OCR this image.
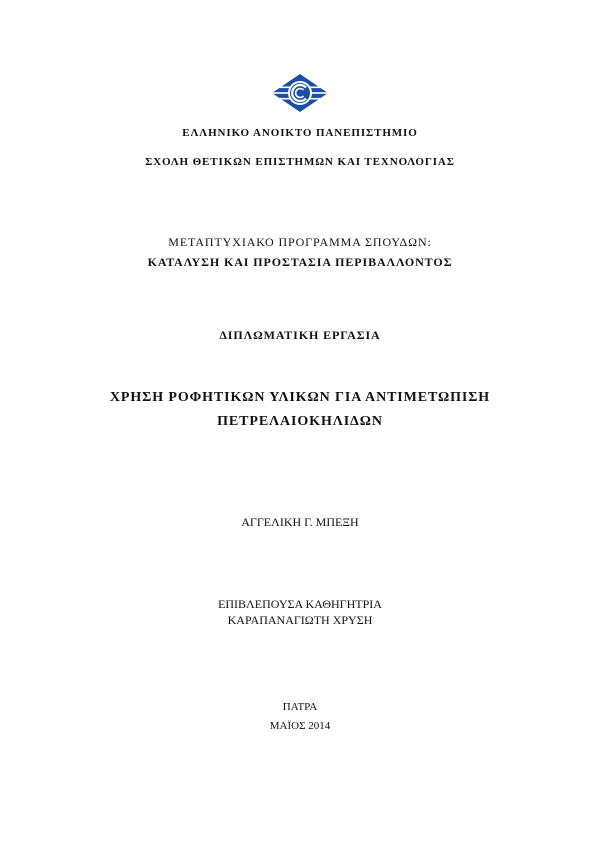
ΕΛΛΗΝΙΚΟ ΑΝΟΙΚΤΟ ΠΑΝΕΠΙΣΤΗΜΙΟ
ΣΧΟΛΗ ΘΕΤΙΚΩΝ ΕΠΙΣΤΗΜΩΝ ΚΑΙ ΤΕΧΝΟΛΟΓΙΑΣ
ΜΕΤΑΠΤΥΧΙΑΚΟ ΠΡΟΓΡΑΜΜΑ ΣΠΟΥΔΩΝ:
ΚΑΤΑΛΥΣΗ ΚΑΙ ΠΡΟΣΤΑΣΙΑ ΠΕΡΙΒΑΛΛΟΝΤΟΣ
ΔΙΠΛΩΜΑΤΙΚΗ ΕΡΓΑΣΙΑ
ΧΡΗΣΗ ΡΟΦΗΤΙΚΩΝ ΥΛΙΚΩΝ ΓΙΑ ΑΝΤΙΜΕΤΩΠΙΣΗ
ΠΕΤΡΕΛΑΙΟΚΗΛΙΔΩΝ
ΑΓΓΕΛΙΚΗ Γ. ΜΠΕΞΗ
ΕΠΙΒΛΕΠΟΥΣΑ ΚΑΘΗΓΗΤΡΙΑ
ΚΑΡΑΠΑΝΑΓΙΩΤΗ ΧΡΥΣΗ
ΠΑΤΡΑ
ΜΑΪΟΣ 2014
